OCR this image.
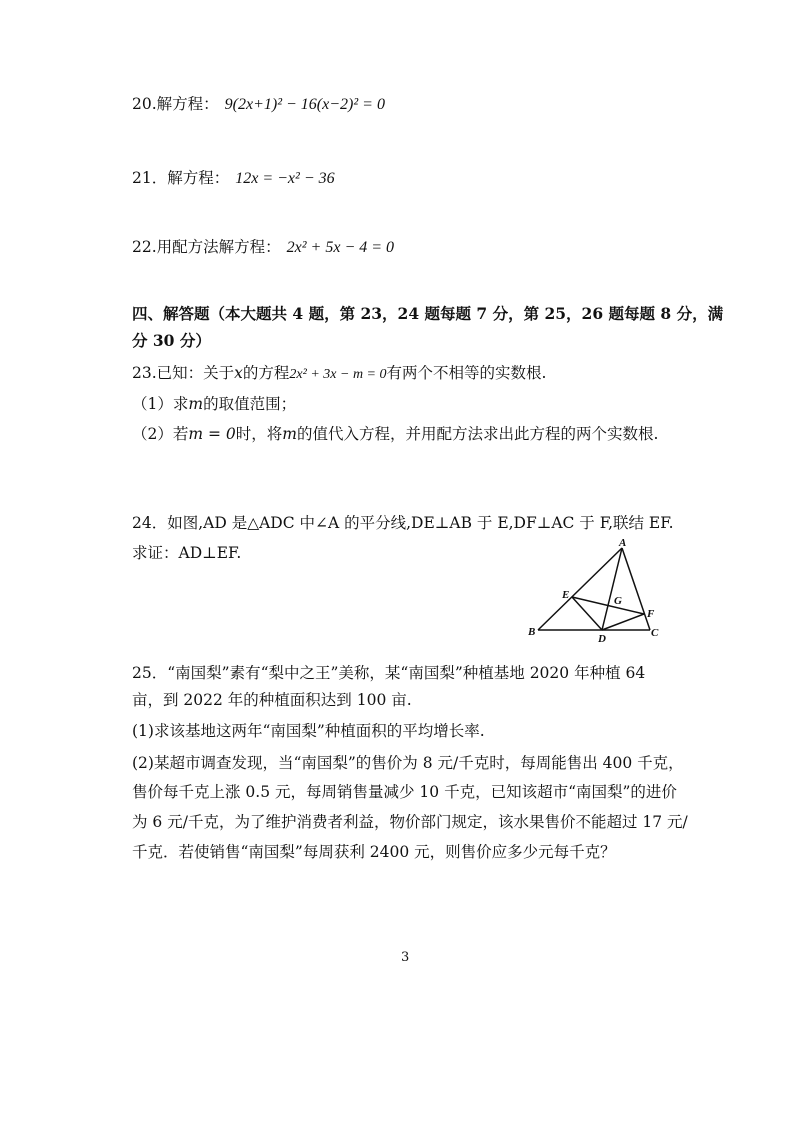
20.解方程： 9(2x+1)² − 16(x−2)² = 0
21．解方程： 12x = −x² − 36
22.用配方法解方程： 2x² + 5x − 4 = 0
四、解答题（本大题共 4 题，第 23，24 题每题 7 分，第 25，26 题每题 8 分，满
分 30 分）
23.已知：关于x的方程2x² + 3x − m = 0有两个不相等的实数根.
（1）求m的取值范围；
（2）若m = 0时，将m的值代入方程，并用配方法求出此方程的两个实数根.
24．如图,AD 是△ADC 中∠A 的平分线,DE⊥AB 于 E,DF⊥AC 于 F,联结 EF.
求证：AD⊥EF.
A
B	C
D
E
F
G
25．“南国梨”素有“梨中之王”美称，某“南国梨”种植基地 2020 年种植 64
亩，到 2022 年的种植面积达到 100 亩.
(1)求该基地这两年“南国梨”种植面积的平均增长率.
(2)某超市调查发现，当“南国梨”的售价为 8 元/千克时，每周能售出 400 千克，
售价每千克上涨 0.5 元，每周销售量减少 10 千克，已知该超市“南国梨”的进价
为 6 元/千克，为了维护消费者利益，物价部门规定，该水果售价不能超过 17 元/
千克．若使销售“南国梨”每周获利 2400 元，则售价应多少元每千克？
3
